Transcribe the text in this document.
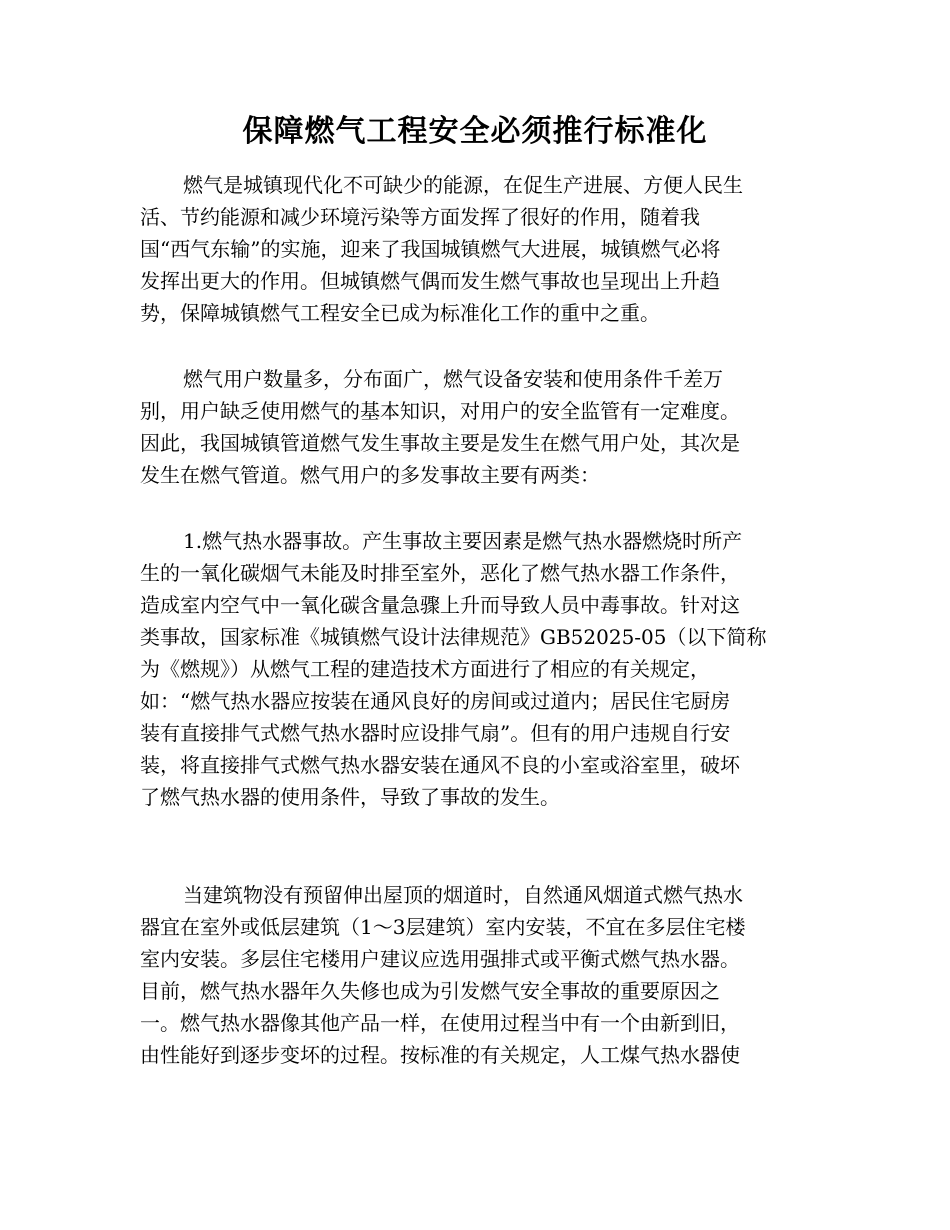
保障燃气工程安全必须推行标准化

燃气是城镇现代化不可缺少的能源，在促生产进展、方便人民生

活、节约能源和减少环境污染等方面发挥了很好的作用，随着我

国“西气东输”的实施，迎来了我国城镇燃气大进展，城镇燃气必将

发挥出更大的作用。但城镇燃气偶而发生燃气事故也呈现出上升趋

势，保障城镇燃气工程安全已成为标准化工作的重中之重。

燃气用户数量多，分布面广，燃气设备安装和使用条件千差万

别，用户缺乏使用燃气的基本知识，对用户的安全监管有一定难度。

因此，我国城镇管道燃气发生事故主要是发生在燃气用户处，其次是

发生在燃气管道。燃气用户的多发事故主要有两类：

1.燃气热水器事故。产生事故主要因素是燃气热水器燃烧时所产

生的一氧化碳烟气未能及时排至室外，恶化了燃气热水器工作条件，

造成室内空气中一氧化碳含量急骤上升而导致人员中毒事故。针对这

类事故，国家标准《城镇燃气设计法律规范》GB52025-05（以下简称

为《燃规》）从燃气工程的建造技术方面进行了相应的有关规定，

如：“燃气热水器应按装在通风良好的房间或过道内；居民住宅厨房

装有直接排气式燃气热水器时应设排气扇”。但有的用户违规自行安

装，将直接排气式燃气热水器安装在通风不良的小室或浴室里，破坏

了燃气热水器的使用条件，导致了事故的发生。

当建筑物没有预留伸出屋顶的烟道时，自然通风烟道式燃气热水

器宜在室外或低层建筑（1～3层建筑）室内安装，不宜在多层住宅楼

室内安装。多层住宅楼用户建议应选用强排式或平衡式燃气热水器。

目前，燃气热水器年久失修也成为引发燃气安全事故的重要原因之

一。燃气热水器像其他产品一样，在使用过程当中有一个由新到旧，

由性能好到逐步变坏的过程。按标准的有关规定，人工煤气热水器使
